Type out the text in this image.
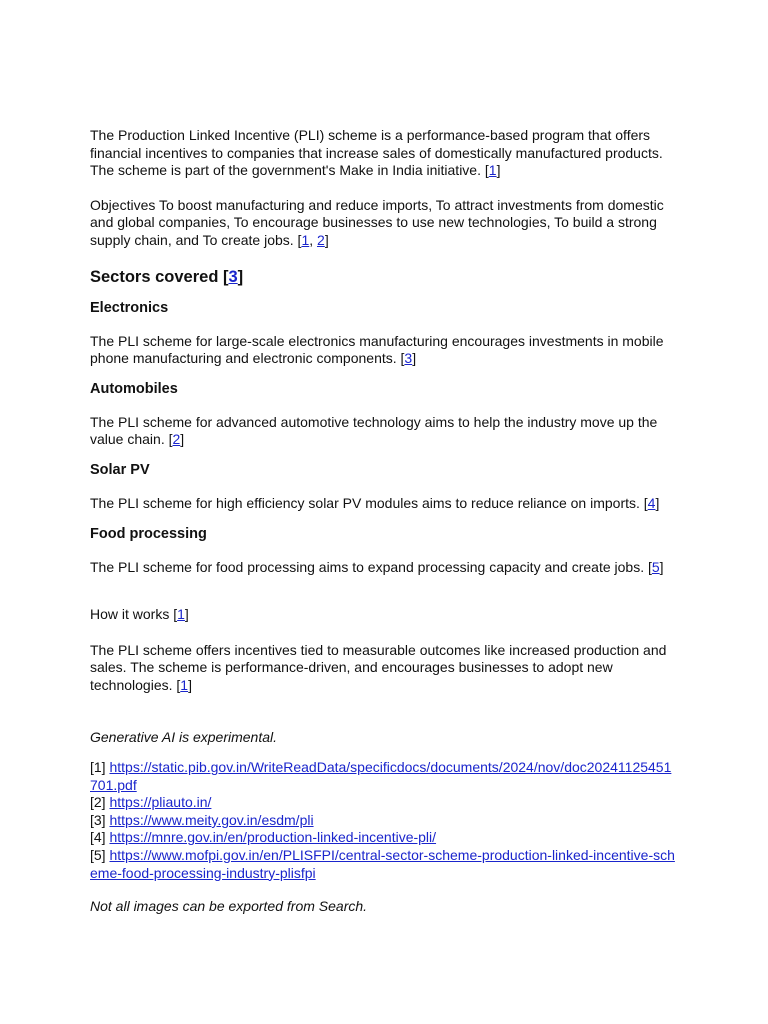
The Production Linked Incentive (PLI) scheme is a performance-based program that offers financial incentives to companies that increase sales of domestically manufactured products. The scheme is part of the government's Make in India initiative. [1]

Objectives To boost manufacturing and reduce imports, To attract investments from domestic and global companies, To encourage businesses to use new technologies, To build a strong supply chain, and To create jobs. [1, 2]

Sectors covered [3]
Electronics

The PLI scheme for large-scale electronics manufacturing encourages investments in mobile phone manufacturing and electronic components. [3]

Automobiles

The PLI scheme for advanced automotive technology aims to help the industry move up the value chain. [2]

Solar PV

The PLI scheme for high efficiency solar PV modules aims to reduce reliance on imports. [4]

Food processing

The PLI scheme for food processing aims to expand processing capacity and create jobs. [5]

How it works [1]

The PLI scheme offers incentives tied to measurable outcomes like increased production and sales. The scheme is performance-driven, and encourages businesses to adopt new technologies. [1]

Generative AI is experimental.

[1] https://static.pib.gov.in/WriteReadData/specificdocs/documents/2024/nov/doc20241125451701.pdf

[2] https://pliauto.in/

[3] https://www.meity.gov.in/esdm/pli

[4] https://mnre.gov.in/en/production-linked-incentive-pli/

[5] https://www.mofpi.gov.in/en/PLISFPI/central-sector-scheme-production-linked-incentive-scheme-food-processing-industry-plisfpi

Not all images can be exported from Search.
